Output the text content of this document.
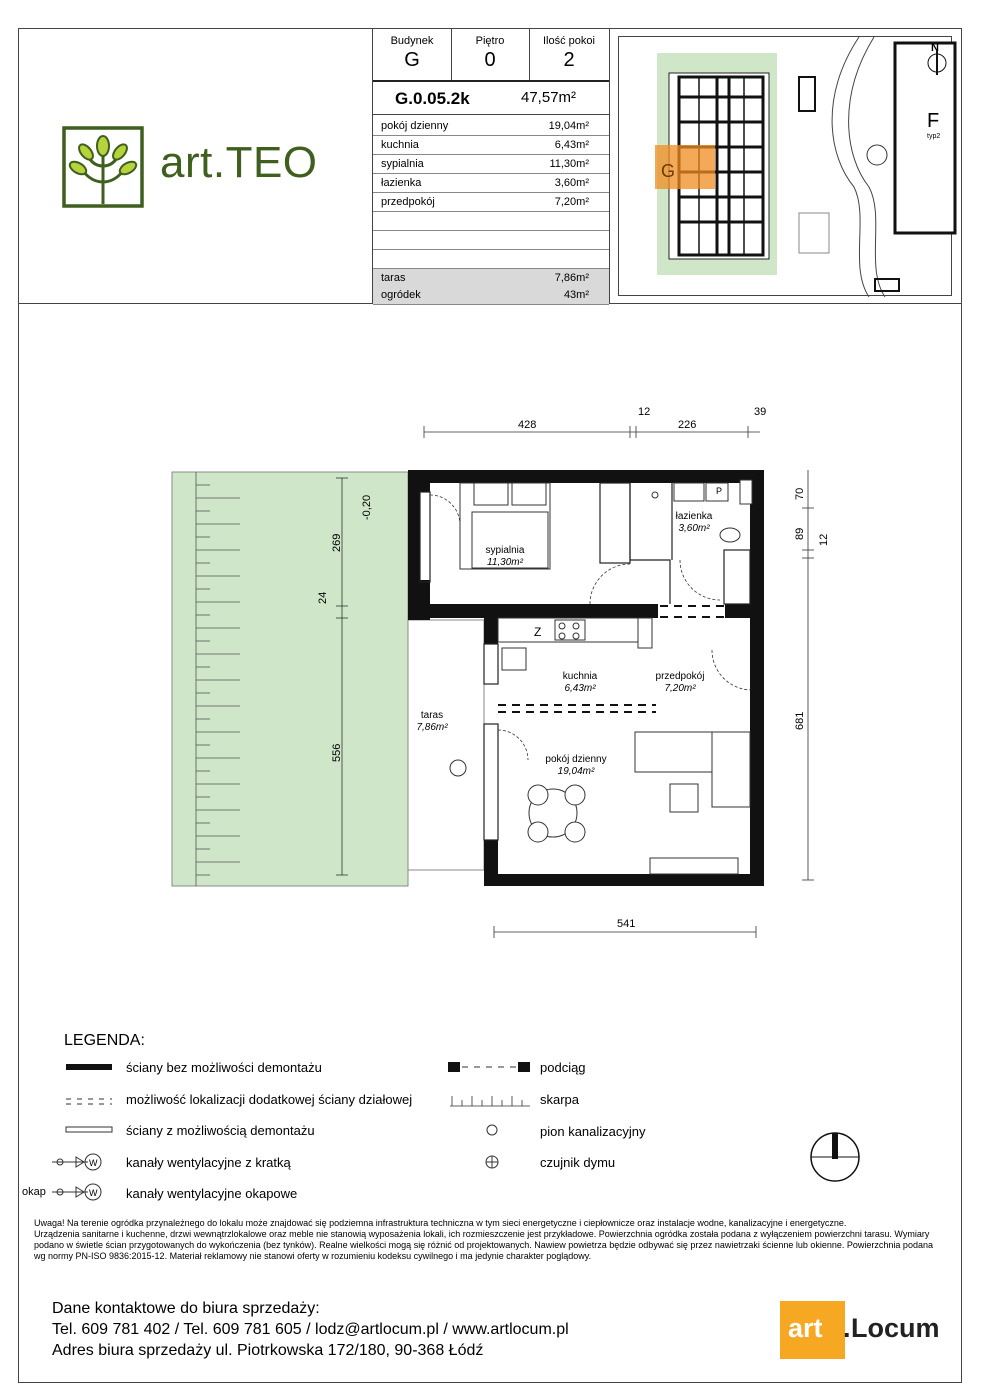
art.TEO
Budynek
G
Piętro
0
Ilość pokoi
2
G.0.05.2k	47,57m²
pokój dzienny	19,04m²
kuchnia	6,43m²
sypialnia	11,30m²
łazienka	3,60m²
przedpokój	7,20m²
taras	7,86m²
ogródek	43m²
G
F
typ2
N
P
Z
sypialnia
11,30m²
łazienka
3,60m²
kuchnia
6,43m²
przedpokój
7,20m²
pokój dzienny
19,04m²
taras
7,86m²
428
12
226
39
541
269
24
556
-0,20
70
89 12
681
LEGENDA:
W
W
ściany bez możliwości demontażu
możliwość lokalizacji dodatkowej ściany działowej
ściany z możliwością demontażu
kanały wentylacyjne z kratką
kanały wentylacyjne okapowe
okap
podciąg
skarpa
pion kanalizacyjny
czujnik dymu
Uwaga! Na terenie ogródka przynależnego do lokalu może znajdować się podziemna infrastruktura techniczna w tym sieci energetyczne i ciepłownicze oraz instalacje wodne, kanalizacyjne i energetyczne.
Urządzenia sanitarne i kuchenne, drzwi wewnątrzlokalowe oraz meble nie stanowią wyposażenia lokali, ich rozmieszczenie jest przykładowe. Powierzchnia ogródka została podana z wyłączeniem powierzchni tarasu. Wymiary podano w świetle ścian przygotowanych do wykończenia (bez tynków). Realne wielkości mogą się różnić od projektowanych. Nawiew powietrza będzie odbywać się przez nawietrzaki ścienne lub okienne. Powierzchnia podana wg normy PN-ISO 9836:2015-12. Materiał reklamowy nie stanowi oferty w rozumieniu kodeksu cywilnego i ma jedynie charakter poglądowy.
Dane kontaktowe do biura sprzedaży:
Tel. 609 781 402 / Tel. 609 781 605 / lodz@artlocum.pl / www.artlocum.pl
Adres biura sprzedaży ul. Piotrkowska 172/180, 90-368 Łódź
art . Locum
